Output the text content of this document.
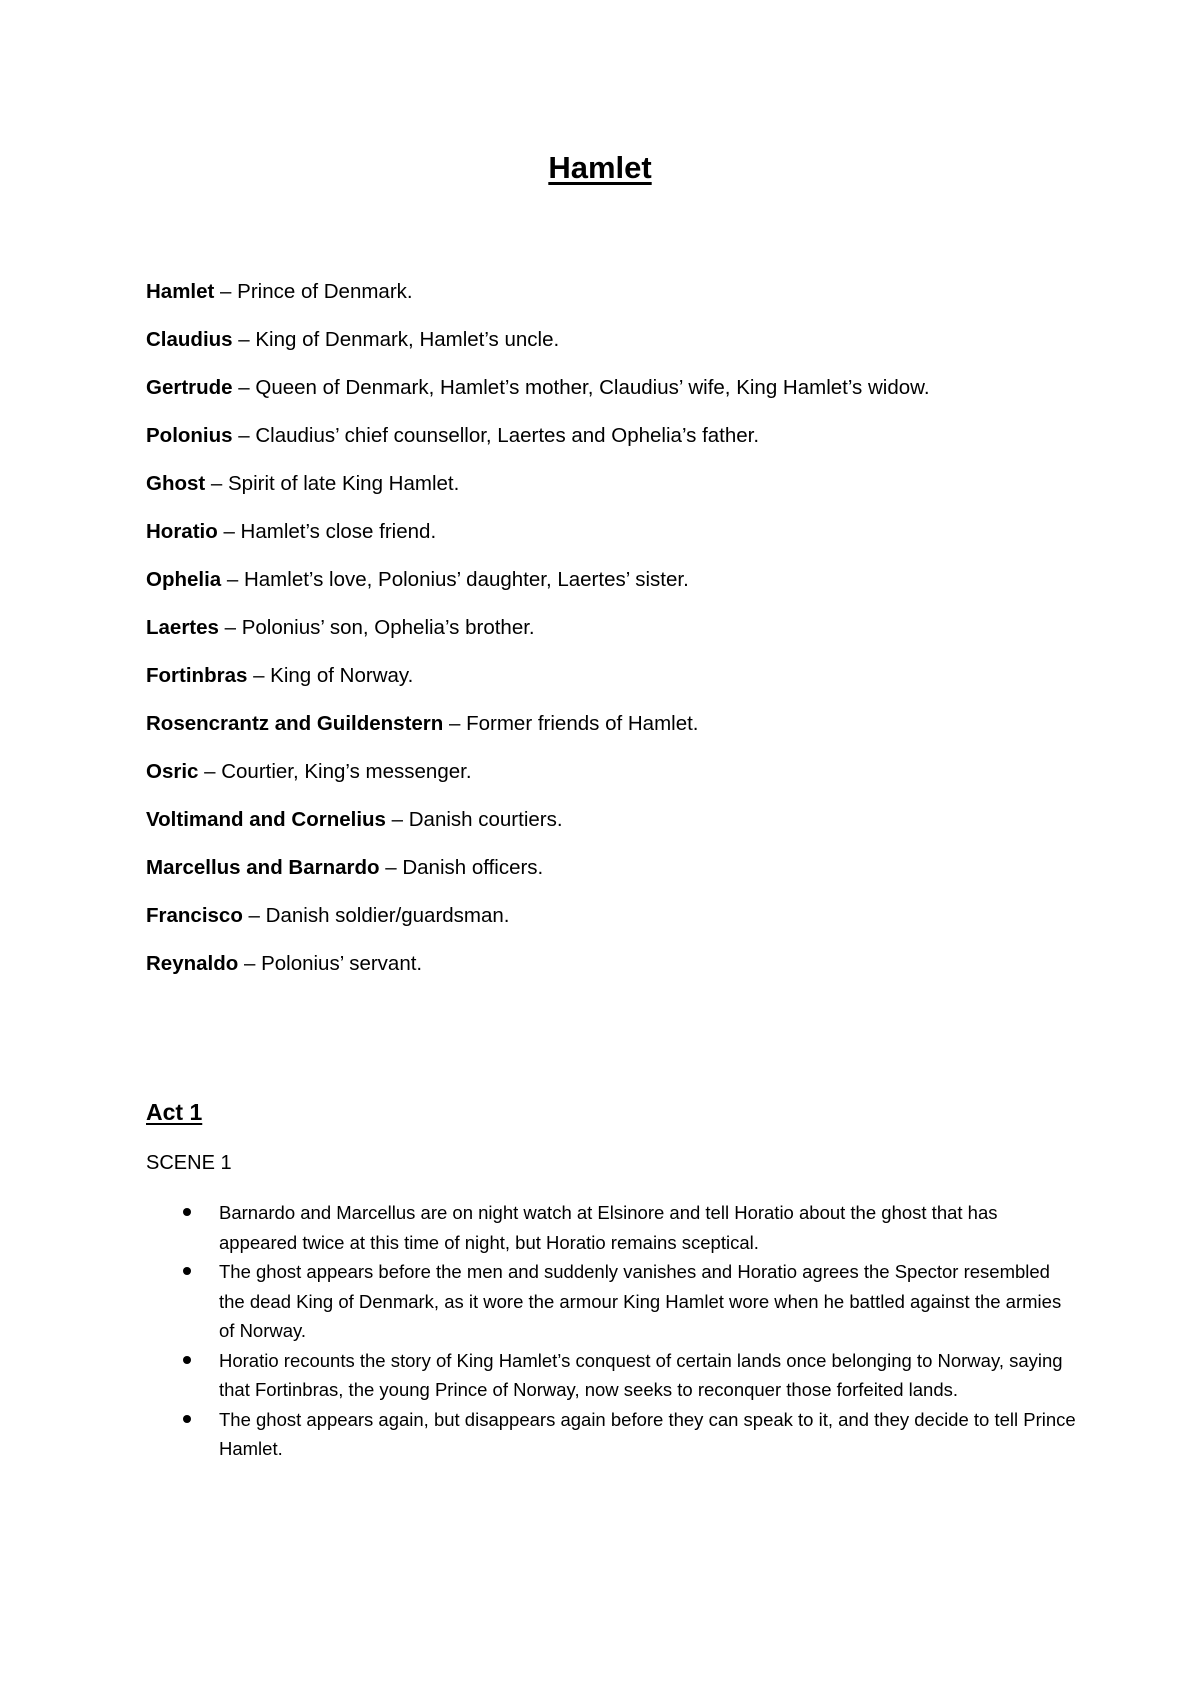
Hamlet
Hamlet – Prince of Denmark.
Claudius – King of Denmark, Hamlet’s uncle.
Gertrude – Queen of Denmark, Hamlet’s mother, Claudius’ wife, King Hamlet’s widow.
Polonius – Claudius’ chief counsellor, Laertes and Ophelia’s father.
Ghost – Spirit of late King Hamlet.
Horatio – Hamlet’s close friend.
Ophelia – Hamlet’s love, Polonius’ daughter, Laertes’ sister.
Laertes – Polonius’ son, Ophelia’s brother.
Fortinbras – King of Norway.
Rosencrantz and Guildenstern – Former friends of Hamlet.
Osric – Courtier, King’s messenger.
Voltimand and Cornelius – Danish courtiers.
Marcellus and Barnardo – Danish officers.
Francisco – Danish soldier/guardsman.
Reynaldo – Polonius’ servant.
Act 1
SCENE 1
Barnardo and Marcellus are on night watch at Elsinore and tell Horatio about the ghost that has appeared twice at this time of night, but Horatio remains sceptical.
The ghost appears before the men and suddenly vanishes and Horatio agrees the Spector resembled the dead King of Denmark, as it wore the armour King Hamlet wore when he battled against the armies of Norway.
Horatio recounts the story of King Hamlet’s conquest of certain lands once belonging to Norway, saying that Fortinbras, the young Prince of Norway, now seeks to reconquer those forfeited lands.
The ghost appears again, but disappears again before they can speak to it, and they decide to tell Prince Hamlet.
